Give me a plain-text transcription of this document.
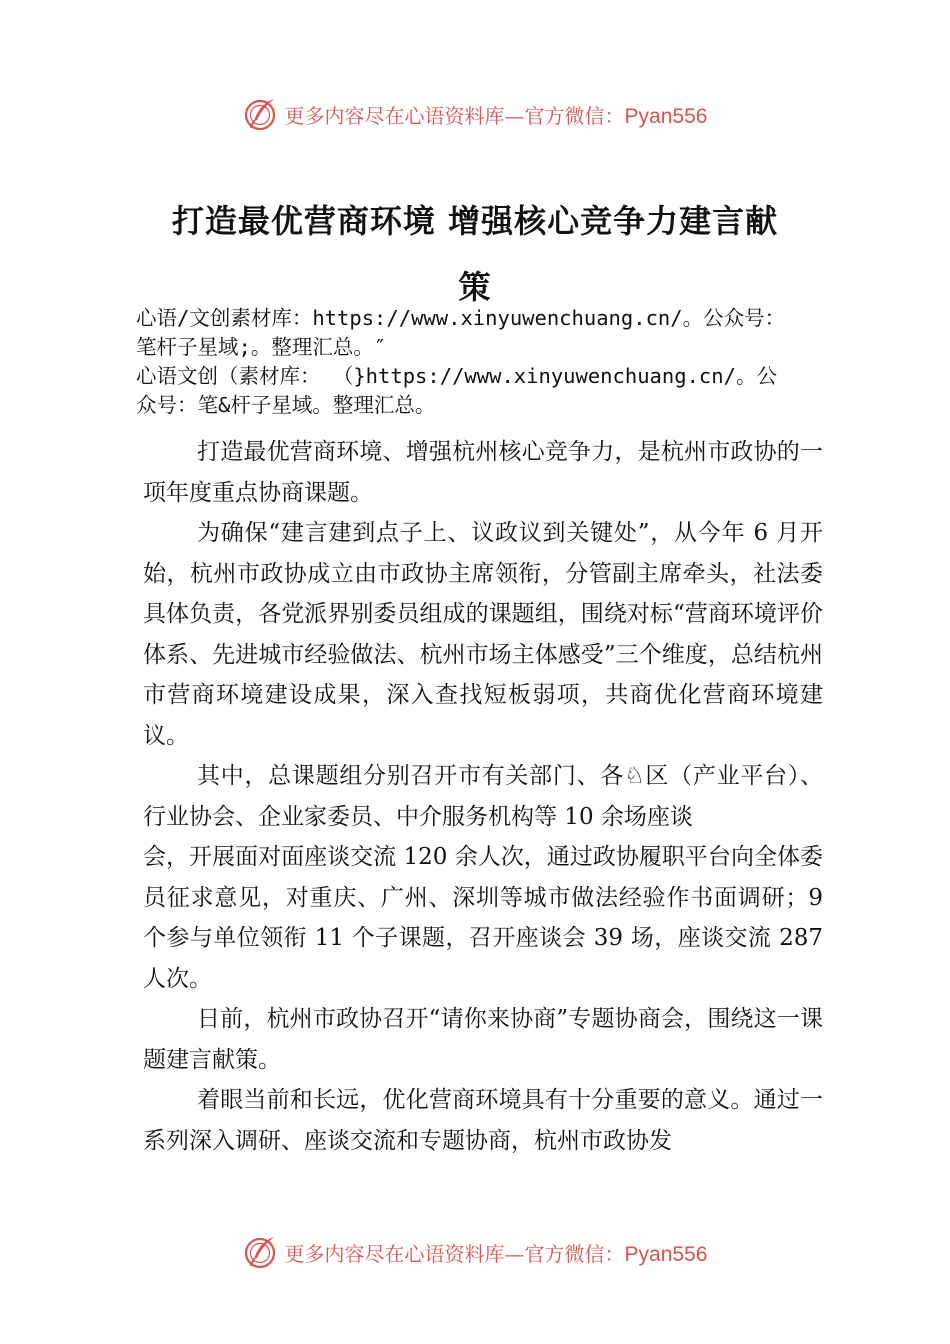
更多内容尽在心语资料库—官方微信：Pyan556
打造最优营商环境 增强核心竞争力建言献
策
心语/文创素材库：https://www.xinyuwenchuang.cn/。公众号：
笔杆子星域;。整理汇总。″
心语文创（素材库： （}https://www.xinyuwenchuang.cn/。公
众号：笔&杆子星域。整理汇总。

打造最优营商环境、增强杭州核心竞争力，是杭州市政协的一项年度重点协商课题。

为确保“建言建到点子上、议政议到关键处”，从今年 6 月开始，杭州市政协成立由市政协主席领衔，分管副主席牵头，社法委具体负责，各党派界别委员组成的课题组，围绕对标“营商环境评价体系、先进城市经验做法、杭州市场主体感受”三个维度，总结杭州市营商环境建设成果，深入查找短板弱项，共商优化营商环境建议。

其中，总课题组分别召开市有关部门、各♘区（产业平台）、行业协会、企业家委员、中介服务机构等 10 余场座谈

会，开展面对面座谈交流 120 余人次，通过政协履职平台向全体委员征求意见，对重庆、广州、深圳等城市做法经验作书面调研；9 个参与单位领衔 11 个子课题，召开座谈会 39 场，座谈交流 287 人次。

日前，杭州市政协召开“请你来协商”专题协商会，围绕这一课题建言献策。

着眼当前和长远，优化营商环境具有十分重要的意义。通过一系列深入调研、座谈交流和专题协商，杭州市政协发

更多内容尽在心语资料库—官方微信：Pyan556
